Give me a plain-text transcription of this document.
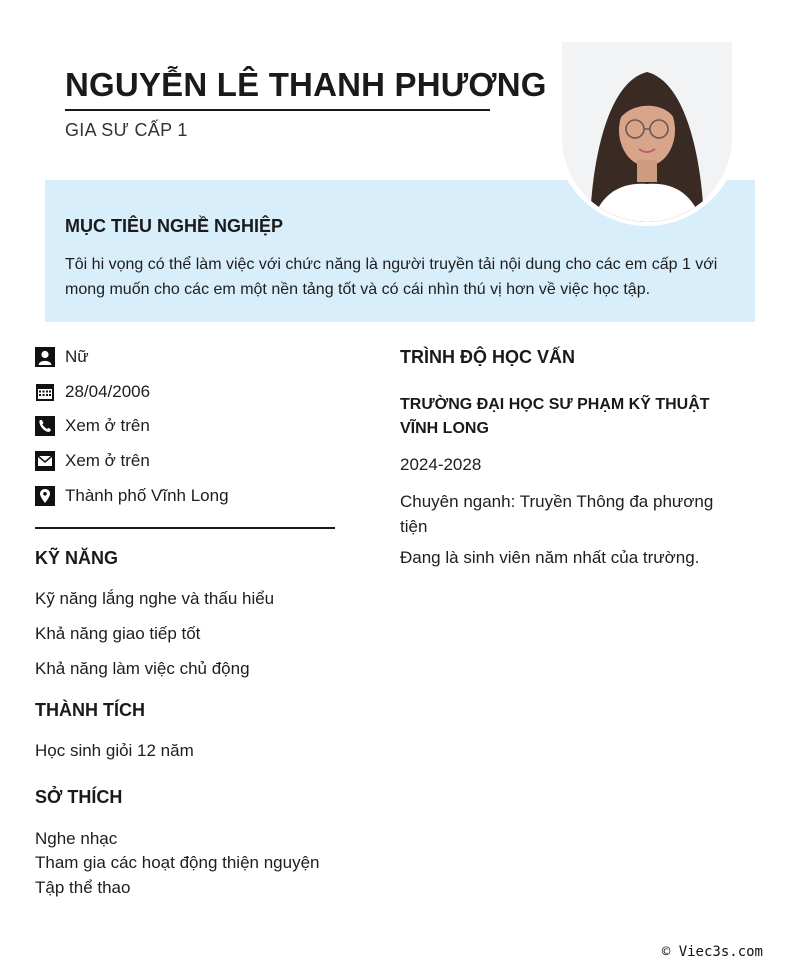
NGUYỄN LÊ THANH PHƯƠNG
GIA SƯ CẤP 1
MỤC TIÊU NGHỀ NGHIỆP

Tôi hi vọng có thể làm việc với chức năng là người truyền tải nội dung cho các em cấp 1 với mong muốn cho các em một nền tảng tốt và có cái nhìn thú vị hơn về việc học tập.

Nữ
28/04/2006
Xem ở trên
Xem ở trên
Thành phố Vĩnh Long
KỸ NĂNG
Kỹ năng lắng nghe và thấu hiểu
Khả năng giao tiếp tốt
Khả năng làm việc chủ động
THÀNH TÍCH
Học sinh giỏi 12 năm
SỞ THÍCH
Nghe nhạc
Tham gia các hoạt động thiện nguyện
Tập thể thao
TRÌNH ĐỘ HỌC VẤN
TRƯỜNG ĐẠI HỌC SƯ PHẠM KỸ THUẬT VĨNH LONG
2024-2028
Chuyên nganh: Truyền Thông đa phương tiện
Đang là sinh viên năm nhất của trường.
© Viec3s.com
